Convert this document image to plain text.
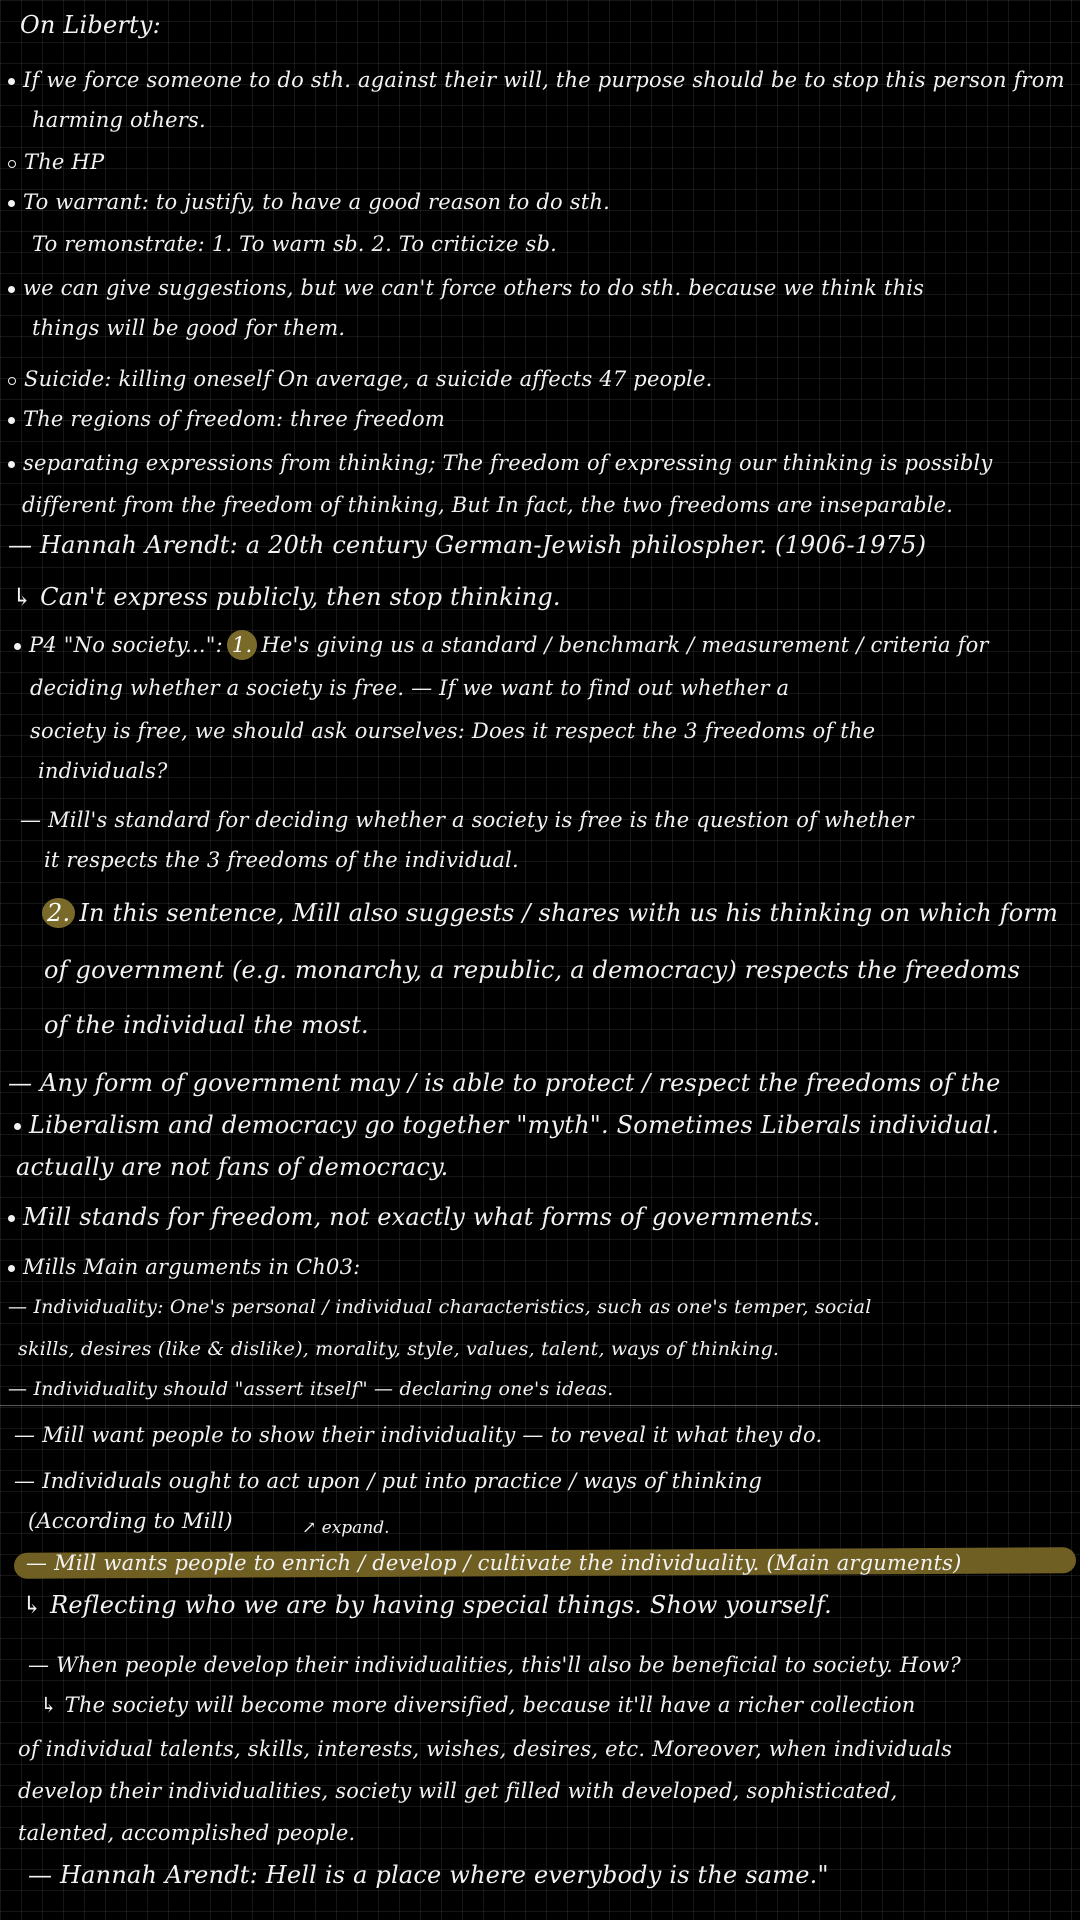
On Liberty:
If we force someone to do sth. against their will, the purpose should be to stop this person from
harming others.
The HP
To warrant: to justify, to have a good reason to do sth.
To remonstrate: 1. To warn sb. 2. To criticize sb.
we can give suggestions, but we can't force others to do sth. because we think this
things will be good for them.
Suicide: killing oneself On average, a suicide affects 47 people.
The regions of freedom: three freedom
separating expressions from thinking; The freedom of expressing our thinking is possibly
different from the freedom of thinking, But In fact, the two freedoms are inseparable.
— Hannah Arendt: a 20th century German-Jewish philospher. (1906-1975)
↳ Can't express publicly, then stop thinking.
P4 "No society...": 1. He's giving us a standard / benchmark / measurement / criteria for
deciding whether a society is free. — If we want to find out whether a
society is free, we should ask ourselves: Does it respect the 3 freedoms of the
individuals?
— Mill's standard for deciding whether a society is free is the question of whether
it respects the 3 freedoms of the individual.
2. In this sentence, Mill also suggests / shares with us his thinking on which form
of government (e.g. monarchy, a republic, a democracy) respects the freedoms
of the individual the most.
— Any form of government may / is able to protect / respect the freedoms of the
Liberalism and democracy go together "myth". Sometimes Liberals individual.
actually are not fans of democracy.
Mill stands for freedom, not exactly what forms of governments.
Mills Main arguments in Ch03:
— Individuality: One's personal / individual characteristics, such as one's temper, social
skills, desires (like & dislike), morality, style, values, talent, ways of thinking.
— Individuality should "assert itself" — declaring one's ideas.
— Mill want people to show their individuality — to reveal it what they do.
— Individuals ought to act upon / put into practice / ways of thinking
(According to Mill)	↗ expand.
— Mill wants people to enrich / develop / cultivate the individuality. (Main arguments)
↳ Reflecting who we are by having special things. Show yourself.
— When people develop their individualities, this'll also be beneficial to society. How?
↳ The society will become more diversified, because it'll have a richer collection
of individual talents, skills, interests, wishes, desires, etc. Moreover, when individuals
develop their individualities, society will get filled with developed, sophisticated,
talented, accomplished people.
— Hannah Arendt: Hell is a place where everybody is the same."
